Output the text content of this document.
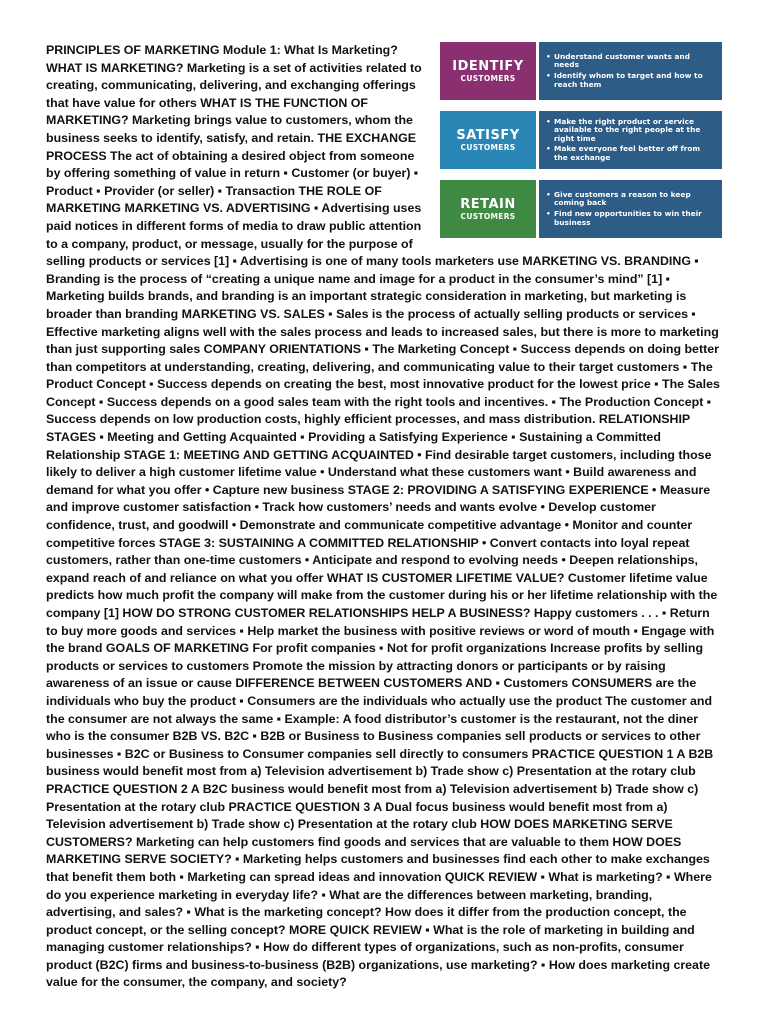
IDENTIFY
CUSTOMERS
• Understand customer wants and needs
• Identify whom to target and how to reach them
SATISFY
CUSTOMERS
• Make the right product or service available to the right people at the right time
• Make everyone feel better off from the exchange
RETAIN
CUSTOMERS
• Give customers a reason to keep coming back
• Find new opportunities to win their business
PRINCIPLES OF MARKETING Module 1: What Is Marketing? WHAT IS MARKETING? Marketing is a set of activities related to creating, communicating, delivering, and exchanging offerings that have value for others WHAT IS THE FUNCTION OF MARKETING? Marketing brings value to customers, whom the business seeks to identify, satisfy, and retain. THE EXCHANGE PROCESS The act of obtaining a desired object from someone by offering something of value in return ▪ Customer (or buyer) ▪ Product ▪ Provider (or seller) ▪ Transaction THE ROLE OF MARKETING MARKETING VS. ADVERTISING ▪ Advertising uses paid notices in different forms of media to draw public attention to a company, product, or message, usually for the purpose of selling products or services [1] ▪ Advertising is one of many tools marketers use MARKETING VS. BRANDING ▪ Branding is the process of “creating a unique name and image for a product in the consumer’s mind” [1] ▪ Marketing builds brands, and branding is an important strategic consideration in marketing, but marketing is broader than branding MARKETING VS. SALES ▪ Sales is the process of actually selling products or services ▪ Effective marketing aligns well with the sales process and leads to increased sales, but there is more to marketing than just supporting sales COMPANY ORIENTATIONS ▪ The Marketing Concept ▪ Success depends on doing better than competitors at understanding, creating, delivering, and communicating value to their target customers ▪ The Product Concept ▪ Success depends on creating the best, most innovative product for the lowest price ▪ The Sales Concept ▪ Success depends on a good sales team with the right tools and incentives. ▪ The Production Concept ▪ Success depends on low production costs, highly efficient processes, and mass distribution. RELATIONSHIP STAGES ▪ Meeting and Getting Acquainted ▪ Providing a Satisfying Experience ▪ Sustaining a Committed Relationship STAGE 1: MEETING AND GETTING ACQUAINTED • Find desirable target customers, including those likely to deliver a high customer lifetime value • Understand what these customers want • Build awareness and demand for what you offer • Capture new business STAGE 2: PROVIDING A SATISFYING EXPERIENCE • Measure and improve customer satisfaction • Track how customers’ needs and wants evolve • Develop customer confidence, trust, and goodwill • Demonstrate and communicate competitive advantage • Monitor and counter competitive forces STAGE 3: SUSTAINING A COMMITTED RELATIONSHIP • Convert contacts into loyal repeat customers, rather than one-time customers • Anticipate and respond to evolving needs • Deepen relationships, expand reach of and reliance on what you offer WHAT IS CUSTOMER LIFETIME VALUE? Customer lifetime value predicts how much profit the company will make from the customer during his or her lifetime relationship with the company [1] HOW DO STRONG CUSTOMER RELATIONSHIPS HELP A BUSINESS? Happy customers . . . ▪ Return to buy more goods and services ▪ Help market the business with positive reviews or word of mouth ▪ Engage with the brand GOALS OF MARKETING For profit companies ▪ Not for profit organizations Increase profits by selling products or services to customers Promote the mission by attracting donors or participants or by raising awareness of an issue or cause DIFFERENCE BETWEEN CUSTOMERS AND ▪ Customers CONSUMERS are the individuals who buy the product ▪ Consumers are the individuals who actually use the product The customer and the consumer are not always the same ▪ Example: A food distributor’s customer is the restaurant, not the diner who is the consumer B2B VS. B2C ▪ B2B or Business to Business companies sell products or services to other businesses ▪ B2C or Business to Consumer companies sell directly to consumers PRACTICE QUESTION 1 A B2B business would benefit most from a) Television advertisement b) Trade show c) Presentation at the rotary club PRACTICE QUESTION 2 A B2C business would benefit most from a) Television advertisement b) Trade show c) Presentation at the rotary club PRACTICE QUESTION 3 A Dual focus business would benefit most from a) Television advertisement b) Trade show c) Presentation at the rotary club HOW DOES MARKETING SERVE CUSTOMERS? Marketing can help customers find goods and services that are valuable to them HOW DOES MARKETING SERVE SOCIETY? ▪ Marketing helps customers and businesses find each other to make exchanges that benefit them both ▪ Marketing can spread ideas and innovation QUICK REVIEW ▪ What is marketing? ▪ Where do you experience marketing in everyday life? ▪ What are the differences between marketing, branding, advertising, and sales? ▪ What is the marketing concept? How does it differ from the production concept, the product concept, or the selling concept? MORE QUICK REVIEW ▪ What is the role of marketing in building and managing customer relationships? ▪ How do different types of organizations, such as non-profits, consumer product (B2C) firms and business-to-business (B2B) organizations, use marketing? ▪ How does marketing create value for the consumer, the company, and society?
